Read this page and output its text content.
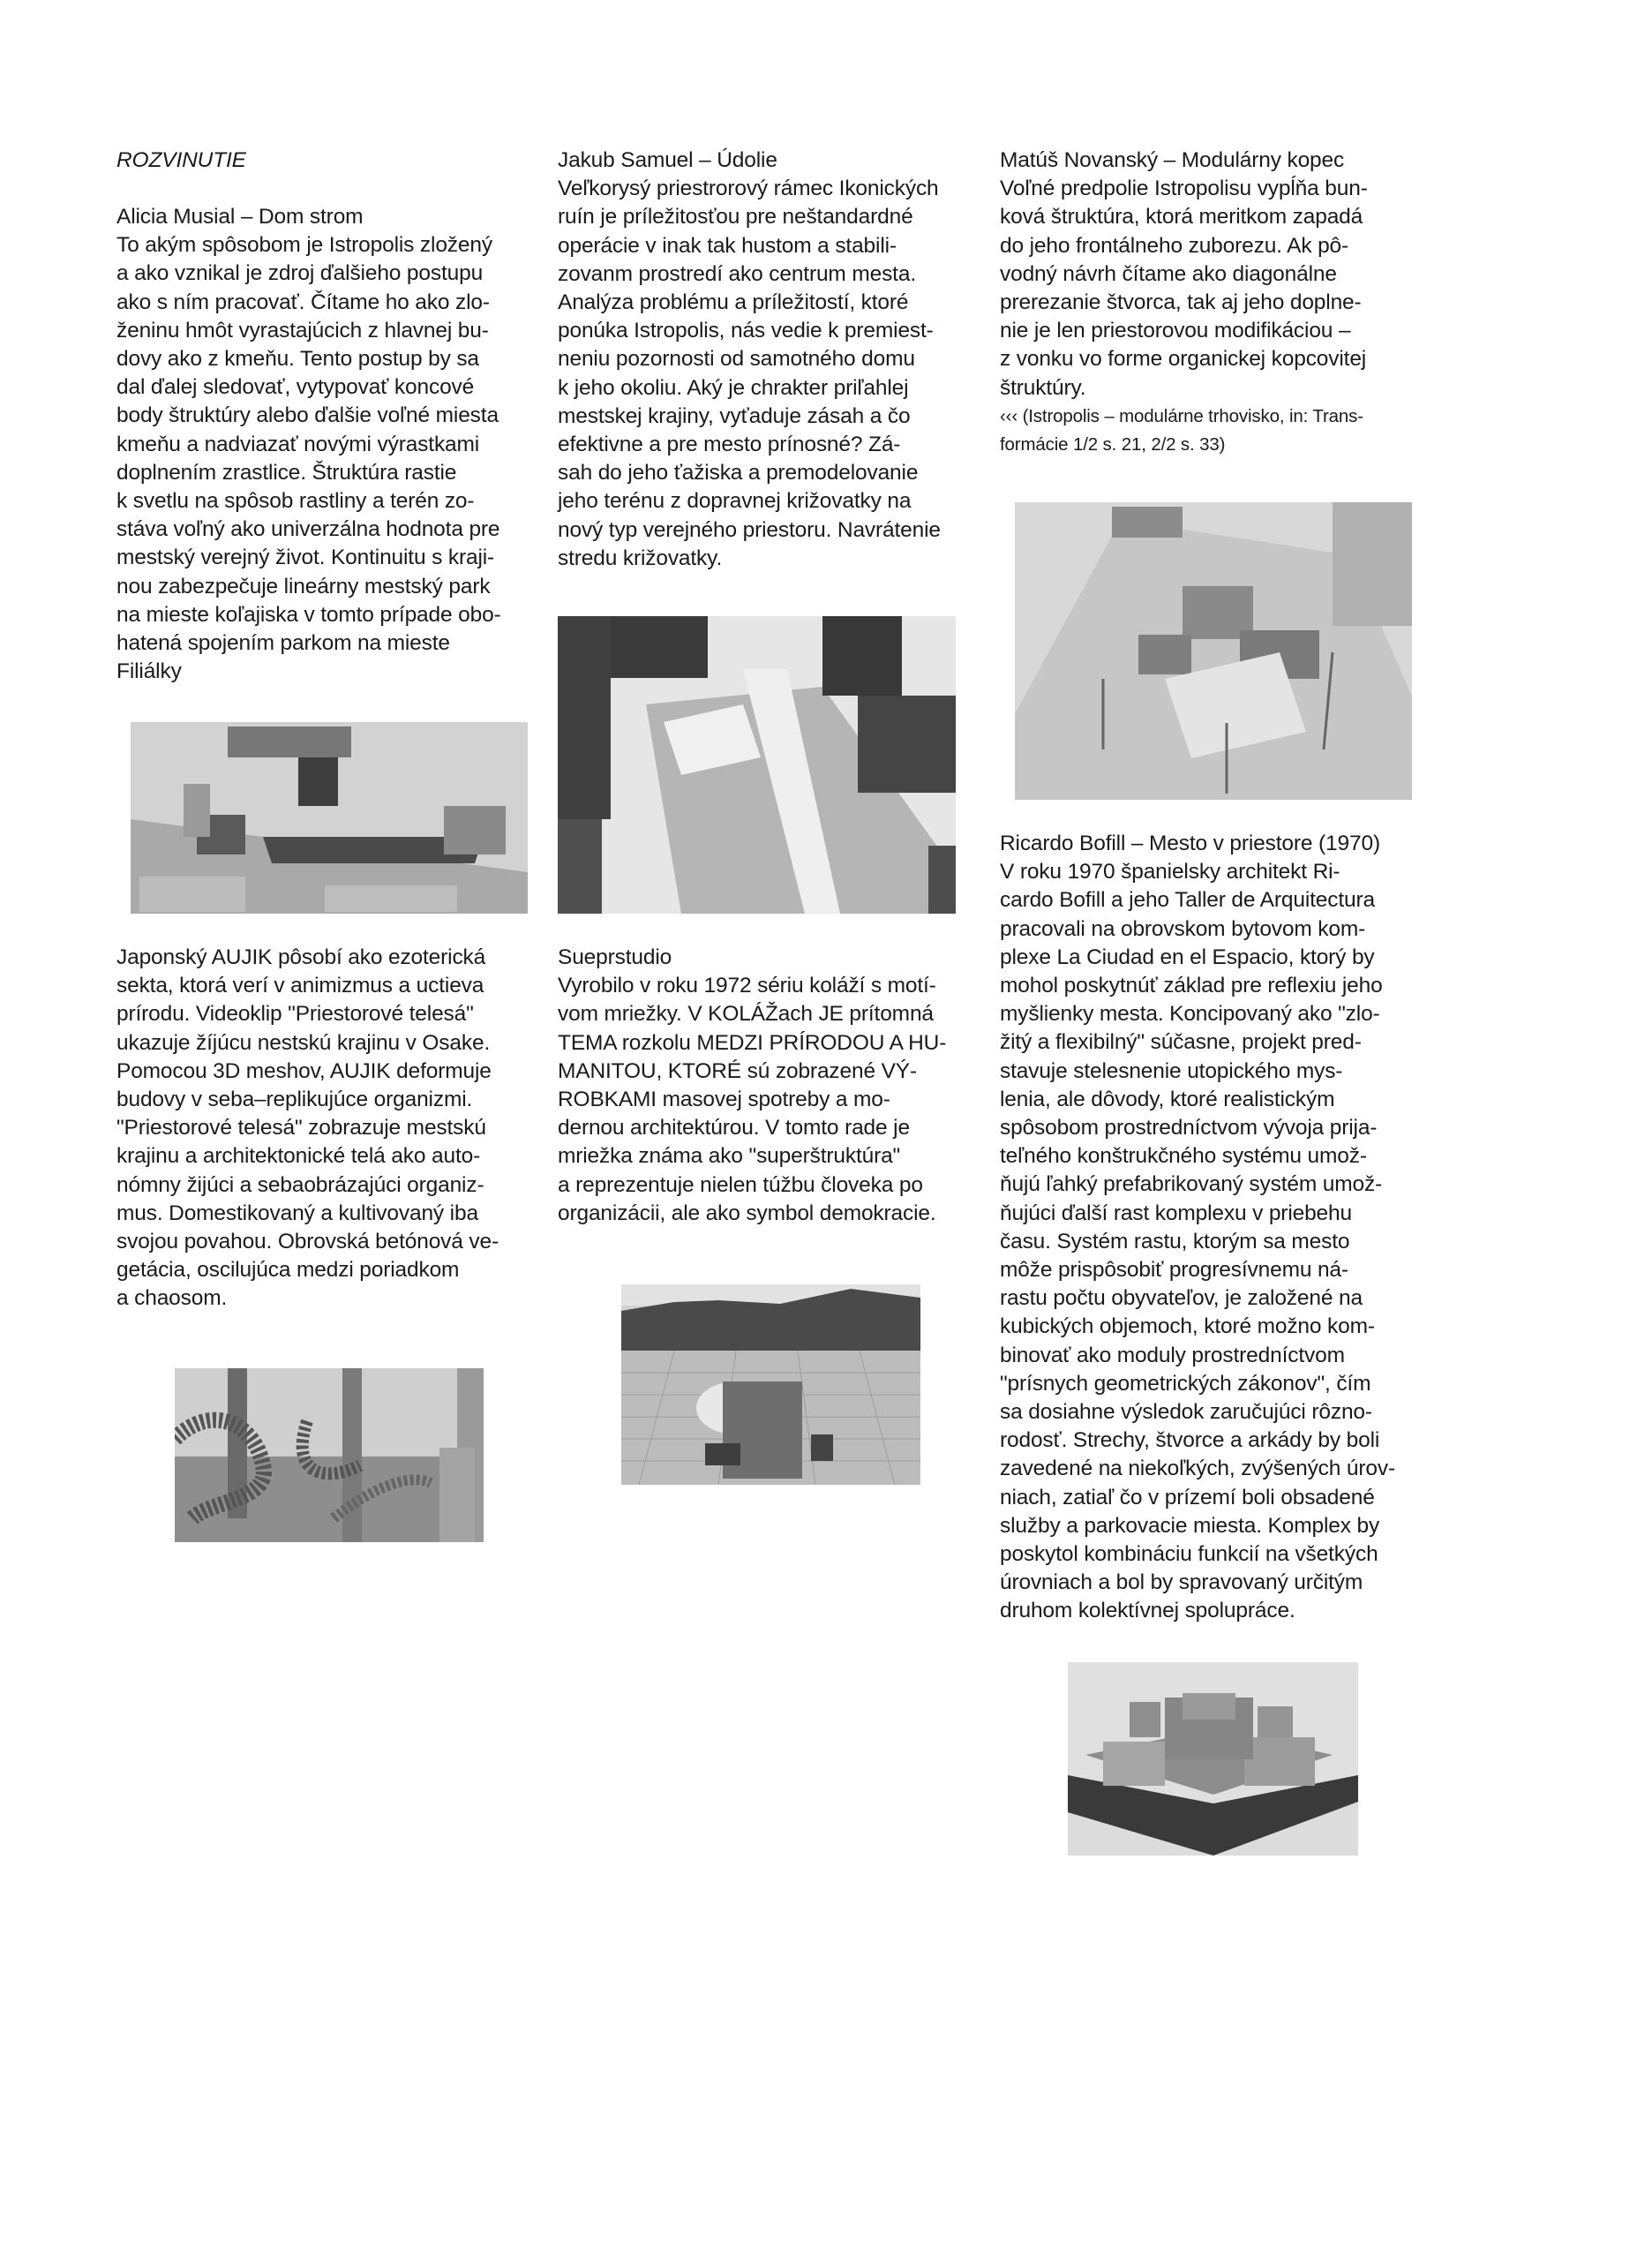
ROZVINUTIE
Alicia Musial – Dom strom
To akým spôsobom je Istropolis zložený
a ako vznikal je zdroj ďalšieho postupu
ako s ním pracovať. Čítame ho ako zlo-
ženinu hmôt vyrastajúcich z hlavnej bu-
dovy ako z kmeňu. Tento postup by sa
dal ďalej sledovať, vytypovať koncové
body štruktúry alebo ďalšie voľné miesta
kmeňu a nadviazať novými výrastkami
doplnením zrastlice. Štruktúra rastie
k svetlu na spôsob rastliny a terén zo-
stáva voľný ako univerzálna hodnota pre
mestský verejný život. Kontinuitu s kraji-
nou zabezpečuje lineárny mestský park
na mieste koľajiska v tomto prípade obo-
hatená spojením parkom na mieste
Filiálky
Jakub Samuel – Údolie
Veľkorysý priestrorový rámec Ikonických
ruín je príležitosťou pre neštandardné
operácie v inak tak hustom a stabili-
zovanm prostredí ako centrum mesta.
Analýza problému a príležitostí, ktoré
ponúka Istropolis, nás vedie k premiest-
neniu pozornosti od samotného domu
k jeho okoliu. Aký je chrakter priľahlej
mestskej krajiny, vyťaduje zásah a čo
efektivne a pre mesto prínosné? Zá-
sah do jeho ťažiska a premodelovanie
jeho terénu z dopravnej križovatky na
nový typ verejného priestoru. Navrátenie
stredu križovatky.
Matúš Novanský – Modulárny kopec
Voľné predpolie Istropolisu vypĺňa bun-
ková štruktúra, ktorá meritkom zapadá
do jeho frontálneho zuborezu. Ak pô-
vodný návrh čítame ako diagonálne
prerezanie štvorca, tak aj jeho doplne-
nie je len priestorovou modifikáciou –
z vonku vo forme organickej kopcovitej
štruktúry.
‹‹‹ (Istropolis – modulárne trhovisko, in: Trans-
formácie 1/2 s. 21, 2/2 s. 33)
Japonský AUJIK pôsobí ako ezoterická
sekta, ktorá verí v animizmus a uctieva
prírodu. Videoklip "Priestorové telesá"
ukazuje žíjúcu nestskú krajinu v Osake.
Pomocou 3D meshov, AUJIK deformuje
budovy v seba–replikujúce organizmi.
"Priestorové telesá" zobrazuje mestskú
krajinu a architektonické telá ako auto-
nómny žijúci a sebaobrázajúci organiz-
mus. Domestikovaný a kultivovaný iba
svojou povahou. Obrovská betónová ve-
getácia, oscilujúca medzi poriadkom
a chaosom.
Sueprstudio
Vyrobilo v roku 1972 sériu koláží s motí-
vom mriežky. V KOLÁŽach JE prítomná
TEMA rozkolu MEDZI PRÍRODOU A HU-
MANITOU, KTORÉ sú zobrazené VÝ-
ROBKAMI masovej spotreby a mo-
dernou architektúrou. V tomto rade je
mriežka známa ako "superštruktúra"
a reprezentuje nielen túžbu človeka po
organizácii, ale ako symbol demokracie.
Ricardo Bofill – Mesto v priestore (1970)
V roku 1970 španielsky architekt Ri-
cardo Bofill a jeho Taller de Arquitectura
pracovali na obrovskom bytovom kom-
plexe La Ciudad en el Espacio, ktorý by
mohol poskytnúť základ pre reflexiu jeho
myšlienky mesta. Koncipovaný ako "zlo-
žitý a flexibilný" súčasne, projekt pred-
stavuje stelesnenie utopického mys-
lenia, ale dôvody, ktoré realistickým
spôsobom prostredníctvom vývoja prija-
teľného konštrukčného systému umož-
ňujú ľahký prefabrikovaný systém umož-
ňujúci ďalší rast komplexu v priebehu
času. Systém rastu, ktorým sa mesto
môže prispôsobiť progresívnemu ná-
rastu počtu obyvateľov, je založené na
kubických objemoch, ktoré možno kom-
binovať ako moduly prostredníctvom
"prísnych geometrických zákonov", čím
sa dosiahne výsledok zaručujúci rôzno-
rodosť. Strechy, štvorce a arkády by boli
zavedené na niekoľkých, zvýšených úrov-
niach, zatiaľ čo v prízemí boli obsadené
služby a parkovacie miesta. Komplex by
poskytol kombináciu funkcií na všetkých
úrovniach a bol by spravovaný určitým
druhom kolektívnej spolupráce.
